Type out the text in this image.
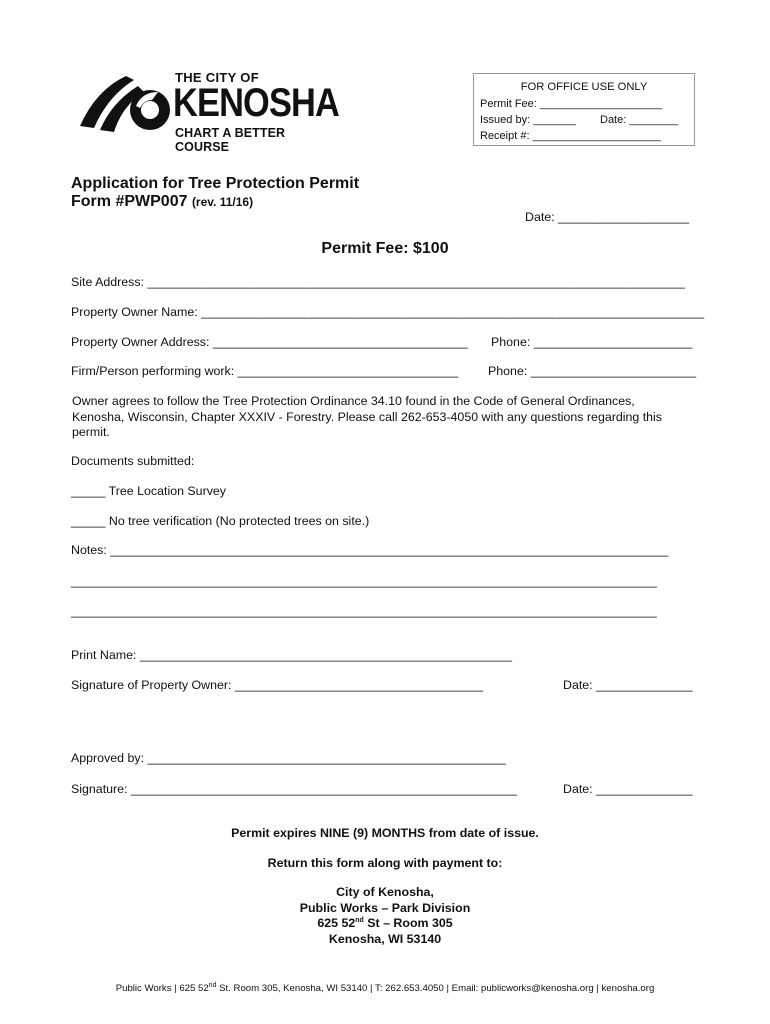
THE CITY OF
KENOSHA
CHART A BETTER COURSE
FOR OFFICE USE ONLY
Permit Fee: ____________________
Issued by: _______ Date: ________
Receipt #: _____________________
Application for Tree Protection Permit
Form #PWP007 (rev. 11/16)
Date: ___________________
Permit Fee: $100
Site Address: ______________________________________________________________________________
Property Owner Name: _________________________________________________________________________
Property Owner Address: _____________________________________ Phone: _______________________
Firm/Person performing work: ________________________________ Phone: ________________________
Owner agrees to follow the Tree Protection Ordinance 34.10 found in the Code of General Ordinances,
Kenosha, Wisconsin, Chapter XXXIV - Forestry. Please call 262-653-4050 with any questions regarding this
permit.
Documents submitted:
_____ Tree Location Survey
_____ No tree verification (No protected trees on site.)
Notes: _________________________________________________________________________________
_____________________________________________________________________________________
_____________________________________________________________________________________
Print Name: ______________________________________________________
Signature of Property Owner: ____________________________________	Date: ______________
Approved by: ____________________________________________________
Signature: ________________________________________________________	Date: ______________
Permit expires NINE (9) MONTHS from date of issue.
Return this form along with payment to:
City of Kenosha,
Public Works – Park Division
625 52nd St – Room 305
Kenosha, WI 53140
Public Works | 625 52nd St. Room 305, Kenosha, WI 53140 | T: 262.653.4050 | Email: publicworks@kenosha.org | kenosha.org
